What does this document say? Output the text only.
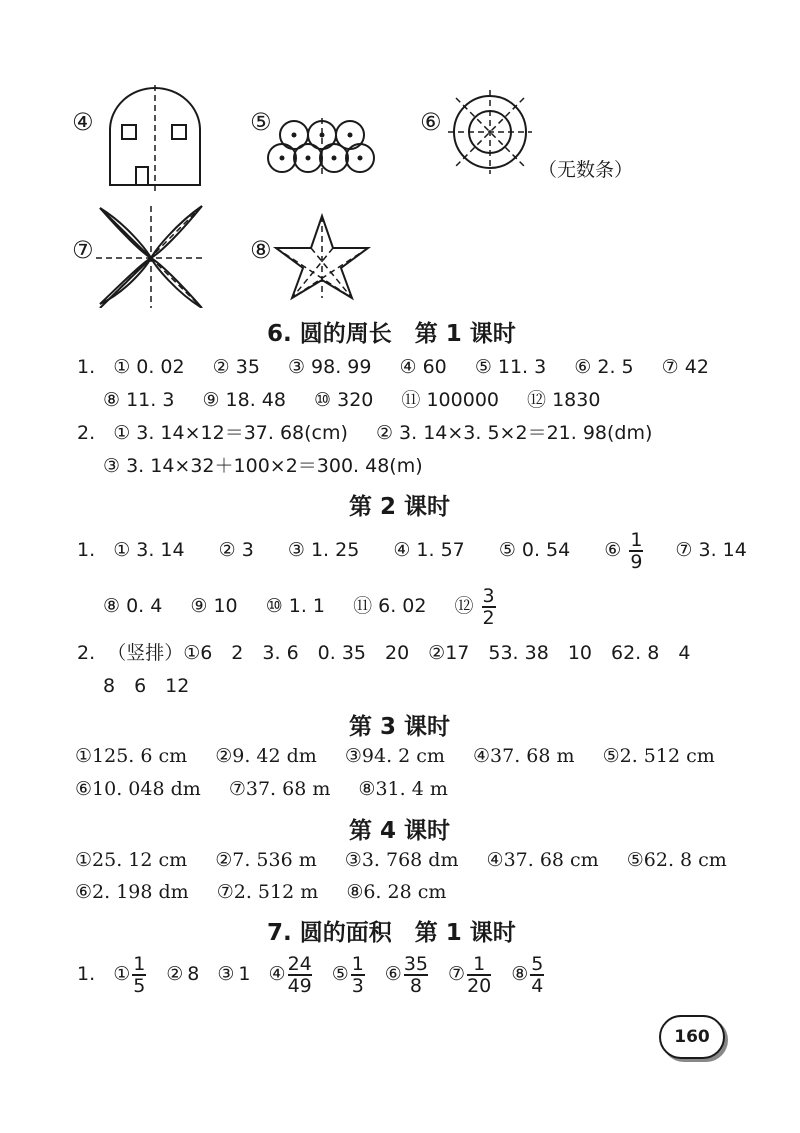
④	⑤	⑥
（无数条）
⑦	⑧
6. 圆的周长　第 1 课时
1. ① 0. 02 ② 35 ③ 98. 99 ④ 60 ⑤ 11. 3 ⑥ 2. 5 ⑦ 42
⑧ 11. 3 ⑨ 18. 48 ⑩ 320 ⑪ 100000 ⑫ 1830
2. ① 3. 14×12＝37. 68(cm) ② 3. 14×3. 5×2＝21. 98(dm)
③ 3. 14×32＋100×2＝300. 48(m)
第 2 课时
1. ① 3. 14 ② 3 ③ 1. 25 ④ 1. 57 ⑤ 0. 54 ⑥ $\frac{1}{9}$ ⑦ 3. 14
⑧ 0. 4 ⑨ 10 ⑩ 1. 1 ⑪ 6. 02 ⑫ $\frac{3}{2}$
2. （竖排）①6　2　3. 6　0. 35　20　②17　53. 38　10　62. 8　4
8　6　12
第 3 课时
①125. 6 cm ②9. 42 dm ③94. 2 cm ④37. 68 m ⑤2. 512 cm
⑥10. 048 dm ⑦37. 68 m ⑧31. 4 m
第 4 课时
①25. 12 cm ②7. 536 m ③3. 768 dm ④37. 68 cm ⑤62. 8 cm
⑥2. 198 dm ⑦2. 512 m ⑧6. 28 cm
7. 圆的面积　第 1 课时
1. ① $\frac{1}{5}$ ② 8 ③ 1 ④ $\frac{24}{49}$ ⑤ $\frac{1}{3}$ ⑥ $\frac{35}{8}$ ⑦ $\frac{1}{20}$ ⑧ $\frac{5}{4}$
160
